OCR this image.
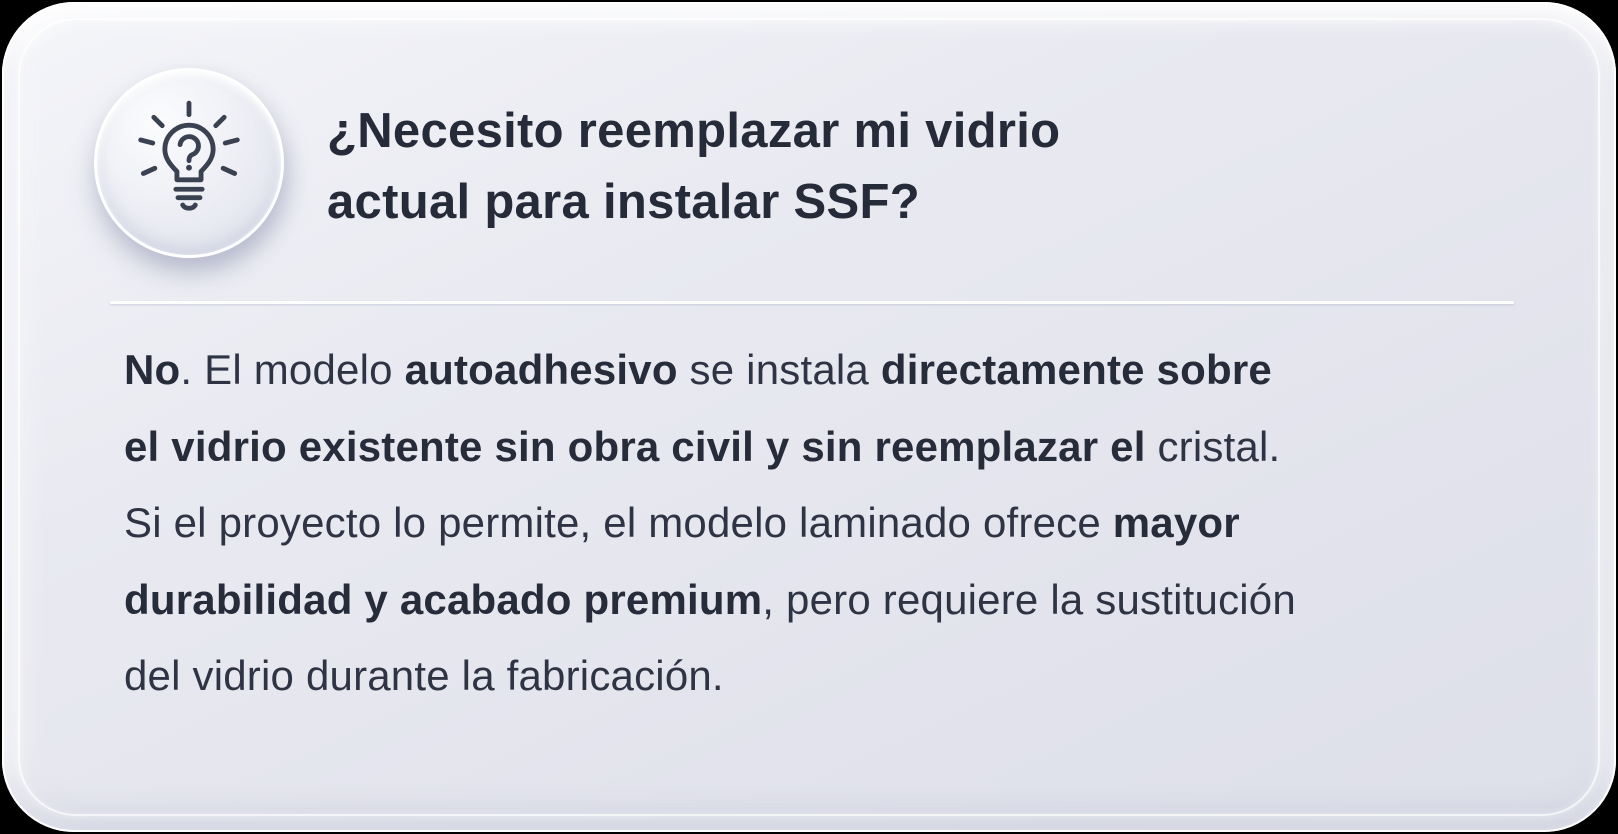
¿Necesito reemplazar mi vidrio
actual para instalar SSF?
No. El modelo autoadhesivo se instala directamente sobre
el vidrio existente sin obra civil y sin reemplazar el cristal.
Si el proyecto lo permite, el modelo laminado ofrece mayor
durabilidad y acabado premium, pero requiere la sustitución
del vidrio durante la fabricación.
